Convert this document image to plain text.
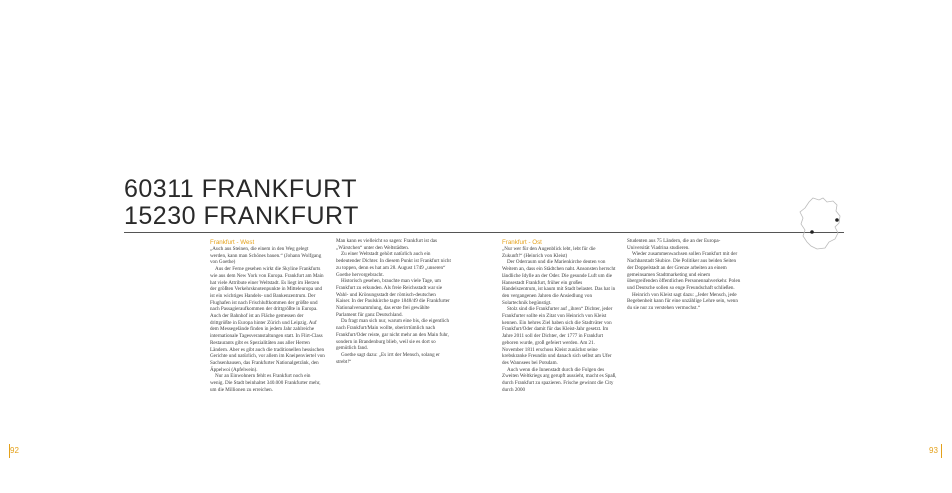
60311 FRANKFURT
15230 FRANKFURT

Frankfurt - West

„Auch aus Steinen, die einem in den Weg gelegt werden, kann man Schönes bauen.“ (Johann Wolfgang von Goethe)

Aus der Ferne gesehen wirkt die Skyline Frankfurts wie aus dem New York von Europa. Frankfurt am Main hat viele Attribute einer Weltstadt. Es liegt im Herzen der größten Verkehrsknotenpunkte in Mitteleuropa und ist ein wichtiges Handels- und Bankenzentrum. Der Flughafen ist nach Frischluftkommen der größte und nach Passagieraufkommen der drittgrößte in Europa. Auch der Bahnhof ist an Fläche gemessen der drittgrößte in Europa hinter Zürich und Leipzig. Auf dem Messegelände finden in jedem Jahr zahlreiche internationale Tagesveranstaltungen statt. In Flirt-Class Restaurants gibt es Spezialitäten aus aller Herren Ländern. Aber es gibt auch die traditionellen hessischen Gerichte und natürlich, vor allem im Kneipenviertel von Sachsenhausen, das Frankfurter Nationalgetränk, den Äppelwoi (Apfelwein).

Nur an Einwohnern fehlt es Frankfurt noch ein wenig. Die Stadt beinhaltet 340.000 Frankfurter mehr, um die Millionen zu erreichen.

Man kann es vielleicht so sagen: Frankfurt ist das „Wärstchen“ unter den Weltstädten.

Zu einer Weltstadt gehört natürlich auch ein bedeutender Dichter. In diesem Punkt ist Frankfurt nicht zu toppen, denn es hat am 28. August 1749 „unseren“ Goethe hervorgebracht.

Historisch gesehen, brauchte man viele Tage, um Frankfurt zu erkunden. Als freie Reichsstadt war sie Wahl- und Krönungsstadt der römisch-deutschen Kaiser. In der Paulskirche tagte 1848/49 die Frankfurter Nationalversammlung, das erste frei gewählte Parlament für ganz Deutschland.

Da fragt man sich nur, warum eine bis, die eigentlich nach Frankfurt/Main wollte, oberirrtümlich nach Frankfurt/Oder reiste, gar nicht mehr an den Main fuhr, sondern in Brandenburg blieb, weil sie es dort so gemütlich fand.

Goethe sagt dazu: „Es irrt der Mensch, solang er strebt!“

Frankfurt - Ost

„Nur wer für den Augenblick lebt, lebt für die Zukunft!“ (Heinrich von Kleist)

Der Oderraum und die Marienkirche deuten von Weitem an, dass ein Städtchen naht. Ansonsten herrscht ländliche Idylle an der Oder. Die gesunde Luft um die Hansestadt Frankfurt, früher ein großes Handelszentrum, ist kaum mit Stadt belastet. Das hat in den vergangenen Jahren die Ansiedlung von Solartechnik begünstigt.

Stolz sind die Frankfurter auf „ihren“ Dichter, jeder Frankfurter sollte ein Zitat von Heinrich von Kleist kennen. Ein hehres Ziel haben sich die Stadtväter von Frankfurt/Oder damit für das Kleist-Jahr gesetzt. Im Jahre 2011 soll der Dichter, der 1777 in Frankfurt geboren wurde, groß gefeiert werden. Am 21. November 1811 erschoss Kleist zunächst seine krebskranke Freundin und danach sich selbst am Ufer des Wannsees bei Potsdam.

Auch wenn die Innenstadt durch die Folgen des Zweiten Weltkriegs arg gerupft aussieht, macht es Spaß, durch Frankfurt zu spazieren. Frische gewinnt die City durch 2000

Studenten aus 75 Ländern, die an der Europa-Universität Viadrina studieren.

Wieder zusammenwachsen sollen Frankfurt mit der Nachbarstadt Słubice. Die Politiker aus beiden Seiten der Doppelstadt an der Grenze arbeiten an einem gemeinsamen Stadtmarketing und einem übergreifenden öffentlichen Personennahverkehr. Polen und Deutsche sollen so enge Freundschaft schließen.

Heinrich von Kleist sagt dazu: „Jeder Mensch, jede Begebenheit kann für eine unzählige Lehre sein, wenn du sie nur zu verstehen vermochst.“

92	93
